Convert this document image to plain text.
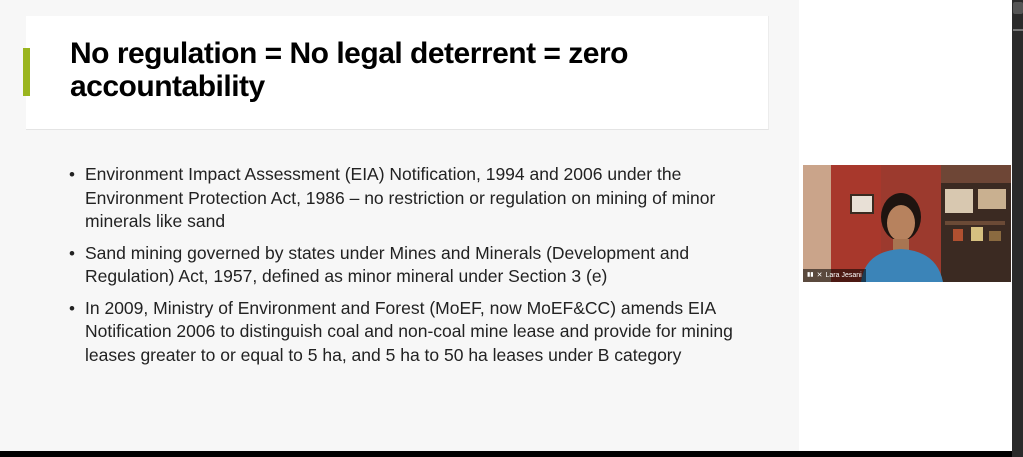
No regulation = No legal deterrent = zero accountability
• Environment Impact Assessment (EIA) Notification, 1994 and 2006 under the Environment Protection Act, 1986 – no restriction or regulation on mining of minor minerals like sand
• Sand mining governed by states under Mines and Minerals (Development and Regulation) Act, 1957, defined as minor mineral under Section 3 (e)
• In 2009, Ministry of Environment and Forest (MoEF, now MoEF&CC) amends EIA Notification 2006 to distinguish coal and non-coal mine lease and provide for mining leases greater to or equal to 5 ha, and 5 ha to 50 ha leases under B category
▮▮ ✕ Lara Jesani
